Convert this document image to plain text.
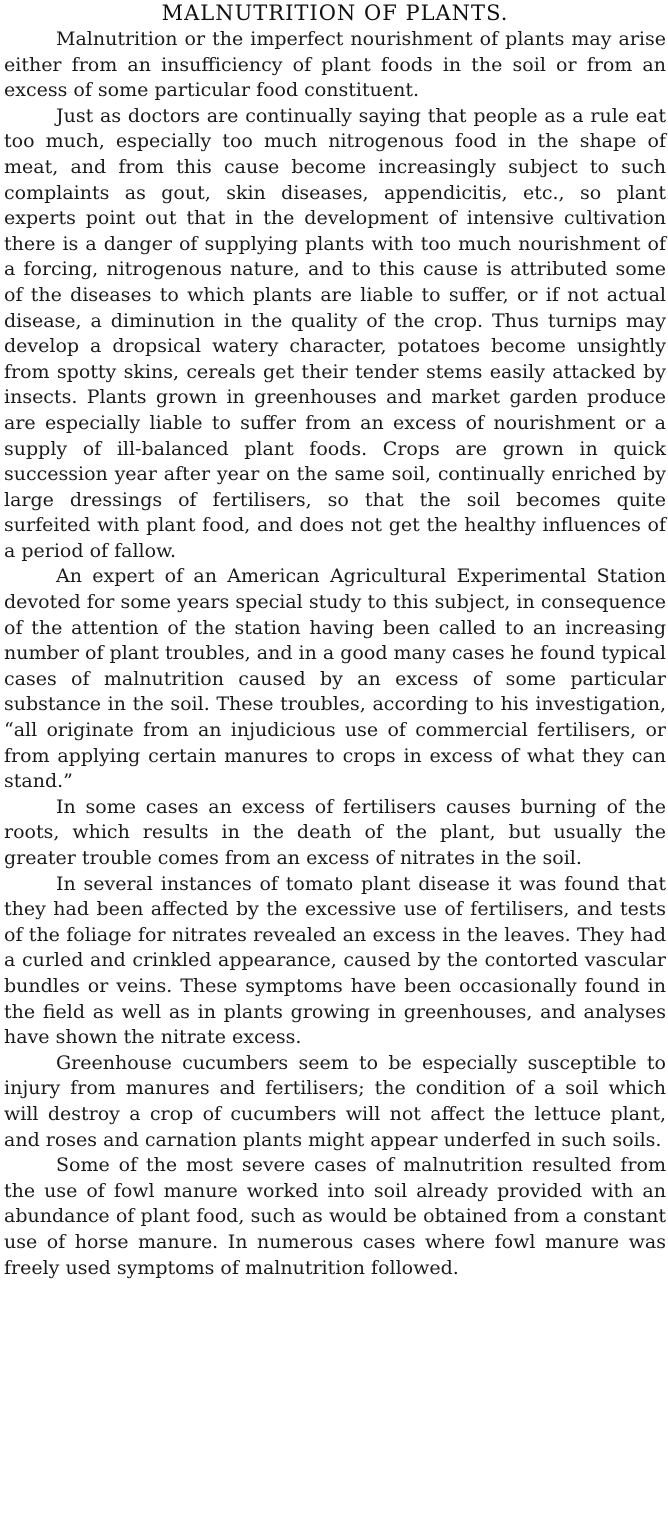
MALNUTRITION OF PLANTS.

Malnutrition or the imperfect nourishment of plants may arise either from an insufficiency of plant foods in the soil or from an excess of some particular food constituent.

Just as doctors are continually saying that people as a rule eat too much, especially too much nitrogenous food in the shape of meat, and from this cause become increasingly subject to such complaints as gout, skin diseases, appendicitis, etc., so plant experts point out that in the development of intensive cultivation there is a danger of supplying plants with too much nourishment of a forcing, nitrogenous nature, and to this cause is attributed some of the diseases to which plants are liable to suffer, or if not actual disease, a diminution in the quality of the crop. Thus turnips may develop a dropsical watery character, potatoes become unsightly from spotty skins, cereals get their tender stems easily attacked by insects. Plants grown in greenhouses and market garden produce are especially liable to suffer from an excess of nourishment or a supply of ill-balanced plant foods. Crops are grown in quick succession year after year on the same soil, continually enriched by large dressings of fertilisers, so that the soil becomes quite surfeited with plant food, and does not get the healthy influences of a period of fallow.

An expert of an American Agricultural Experimental Station devoted for some years special study to this subject, in consequence of the attention of the station having been called to an increasing number of plant troubles, and in a good many cases he found typical cases of malnutrition caused by an excess of some particular substance in the soil. These troubles, according to his investigation, “all originate from an injudicious use of commercial fertilisers, or from applying certain manures to crops in excess of what they can stand.”

In some cases an excess of fertilisers causes burning of the roots, which results in the death of the plant, but usually the greater trouble comes from an excess of nitrates in the soil.

In several instances of tomato plant disease it was found that they had been affected by the excessive use of fertilisers, and tests of the foliage for nitrates revealed an excess in the leaves. They had a curled and crinkled appearance, caused by the contorted vascular bundles or veins. These symptoms have been occasionally found in the field as well as in plants growing in greenhouses, and analyses have shown the nitrate excess.

Greenhouse cucumbers seem to be especially susceptible to injury from manures and fertilisers; the condition of a soil which will destroy a crop of cucumbers will not affect the lettuce plant, and roses and carnation plants might appear underfed in such soils.

Some of the most severe cases of malnutrition resulted from the use of fowl manure worked into soil already provided with an abundance of plant food, such as would be obtained from a constant use of horse manure. In numerous cases where fowl manure was freely used symptoms of malnutrition followed.
